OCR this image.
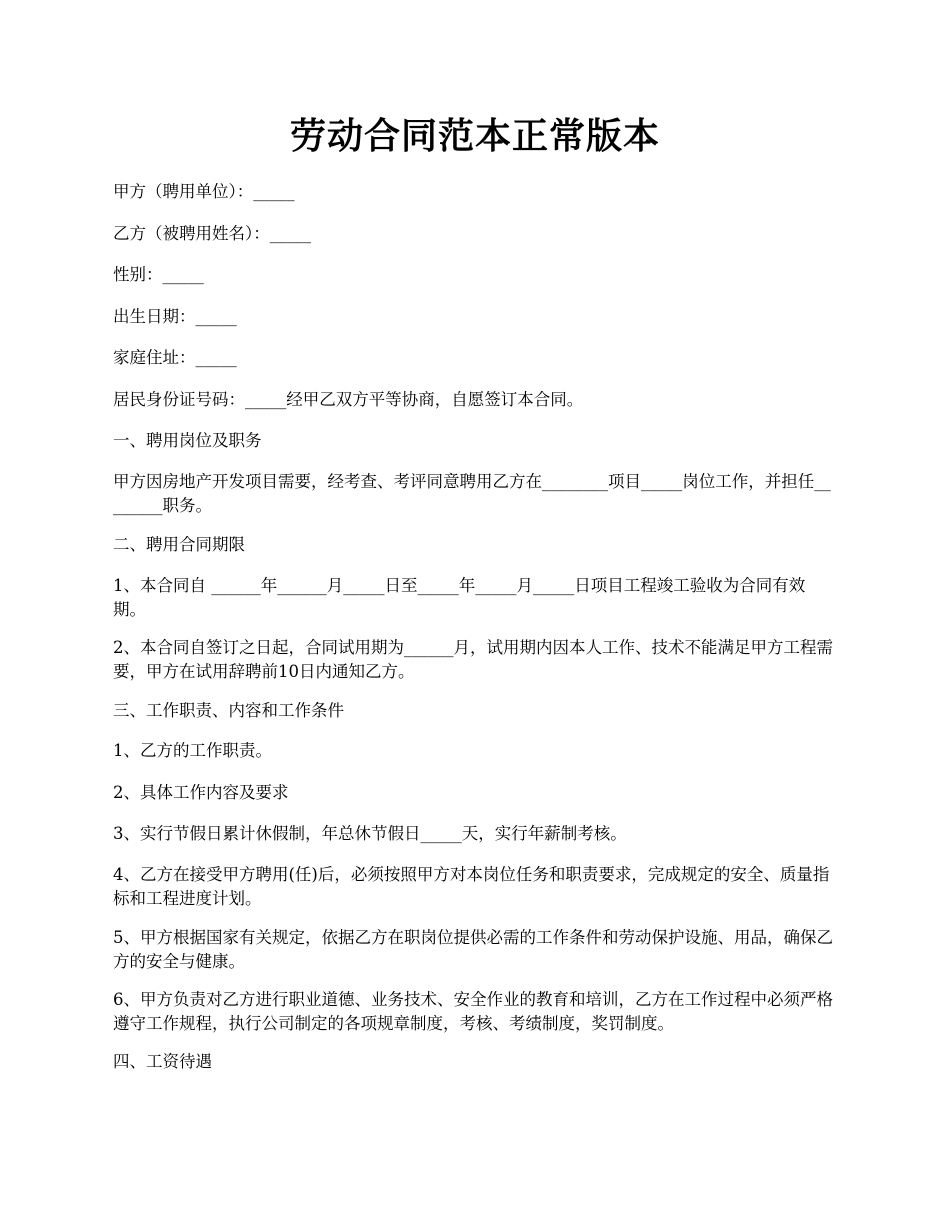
劳动合同范本正常版本

甲方（聘用单位）：_____

乙方（被聘用姓名）：_____

性别：_____

出生日期：_____

家庭住址：_____

居民身份证号码：_____经甲乙双方平等协商，自愿签订本合同。

一、聘用岗位及职务

甲方因房地产开发项目需要，经考查、考评同意聘用乙方在________项目_____岗位工作，并担任________职务。

二、聘用合同期限

1、本合同自 ______年______月_____日至_____年_____月_____日项目工程竣工验收为合同有效期。

2、本合同自签订之日起，合同试用期为______月，试用期内因本人工作、技术不能满足甲方工程需要，甲方在试用辞聘前10日内通知乙方。

三、工作职责、内容和工作条件

1、乙方的工作职责。

2、具体工作内容及要求

3、实行节假日累计休假制，年总休节假日_____天，实行年薪制考核。

4、乙方在接受甲方聘用(任)后，必须按照甲方对本岗位任务和职责要求，完成规定的安全、质量指标和工程进度计划。

5、甲方根据国家有关规定，依据乙方在职岗位提供必需的工作条件和劳动保护设施、用品，确保乙方的安全与健康。

6、甲方负责对乙方进行职业道德、业务技术、安全作业的教育和培训，乙方在工作过程中必须严格遵守工作规程，执行公司制定的各项规章制度，考核、考绩制度，奖罚制度。

四、工资待遇
